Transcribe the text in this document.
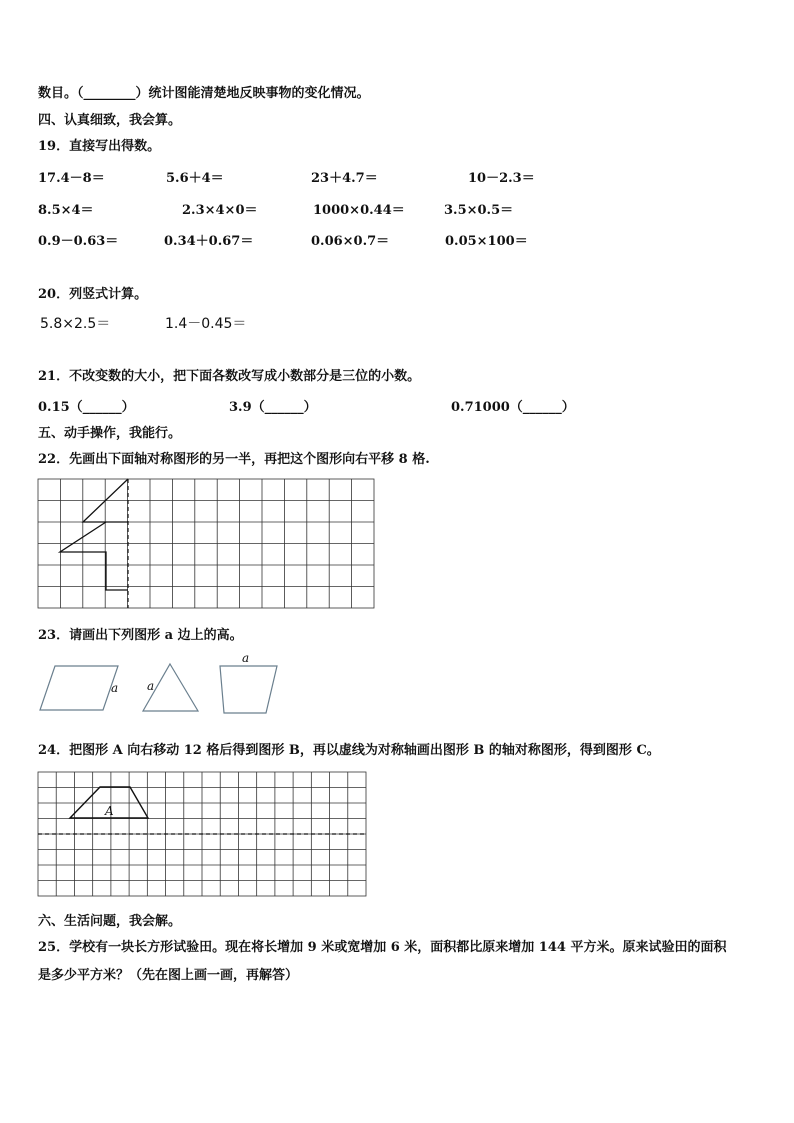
数目。（________）统计图能清楚地反映事物的变化情况。
四、认真细致，我会算。
19．直接写出得数。
17.4－8＝	5.6＋4＝	23＋4.7＝	10－2.3＝
8.5×4＝	2.3×4×0＝	1000×0.44＝	3.5×0.5＝
0.9－0.63＝	0.34＋0.67＝	0.06×0.7＝	0.05×100＝
20．列竖式计算。
5.8×2.5＝	1.4－0.45＝
21．不改变数的大小，把下面各数改写成小数部分是三位的小数。
0.15（______）	3.9（______）	0.71000（______）
五、动手操作，我能行。
22．先画出下面轴对称图形的另一半，再把这个图形向右平移 8 格.
23．请画出下列图形 a 边上的高。
a a
a
24．把图形 A 向右移动 12 格后得到图形 B，再以虚线为对称轴画出图形 B 的轴对称图形，得到图形 C。
A
六、生活问题，我会解。
25．学校有一块长方形试验田。现在将长增加 9 米或宽增加 6 米，面积都比原来增加 144 平方米。原来试验田的面积
是多少平方米？（先在图上画一画，再解答）
